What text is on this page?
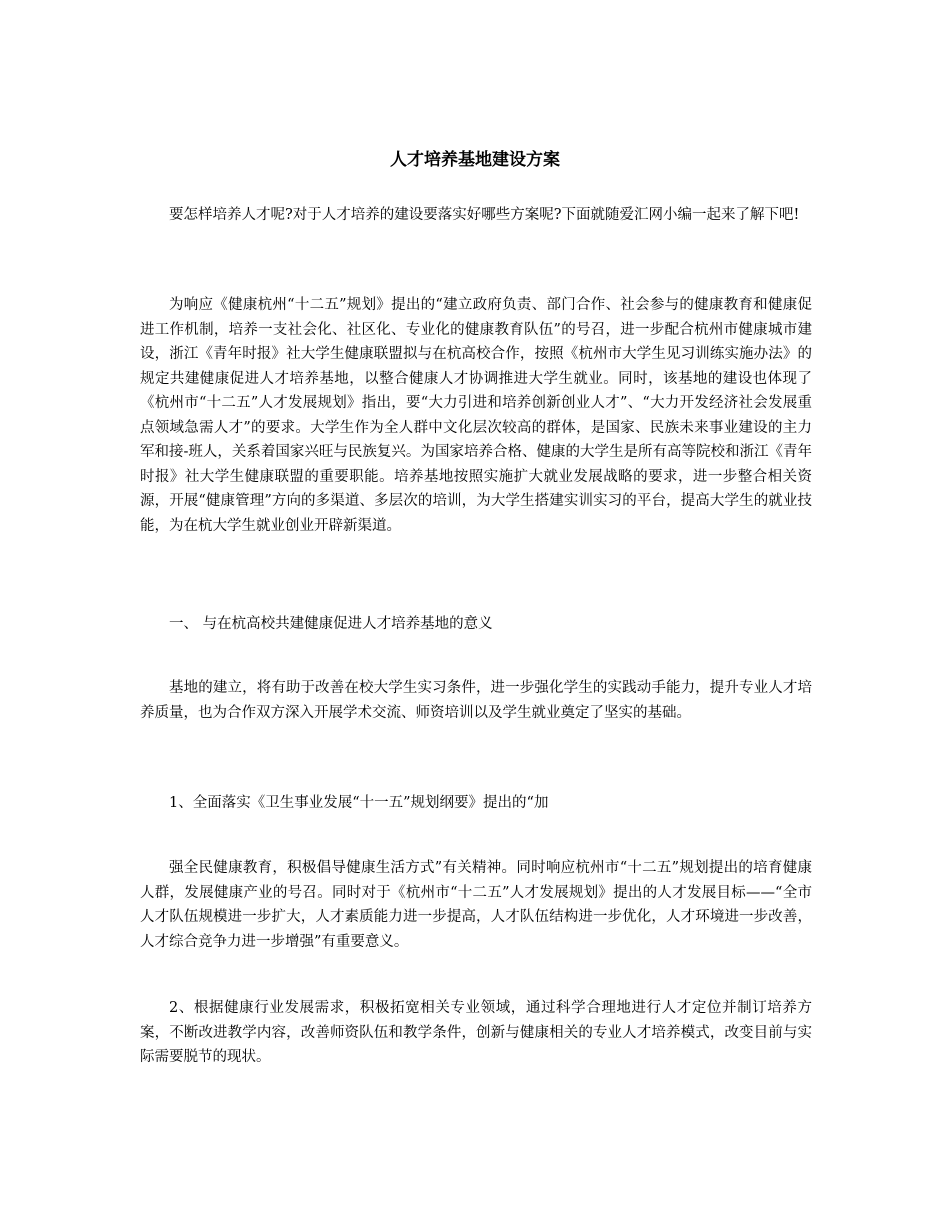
人才培养基地建设方案
要怎样培养人才呢?对于人才培养的建设要落实好哪些方案呢?下面就随爱汇网小编一起来了解下吧!
为响应《健康杭州“十二五”规划》提出的“建立政府负责、部门合作、社会参与的健康教育和健康促进工作机制，培养一支社会化、社区化、专业化的健康教育队伍”的号召，进一步配合杭州市健康城市建设，浙江《青年时报》社大学生健康联盟拟与在杭高校合作，按照《杭州市大学生见习训练实施办法》的规定共建健康促进人才培养基地，以整合健康人才协调推进大学生就业。同时，该基地的建设也体现了《杭州市“十二五”人才发展规划》指出，要“大力引进和培养创新创业人才”、“大力开发经济社会发展重点领域急需人才”的要求。大学生作为全人群中文化层次较高的群体，是国家、民族未来事业建设的主力军和接-班人，关系着国家兴旺与民族复兴。为国家培养合格、健康的大学生是所有高等院校和浙江《青年时报》社大学生健康联盟的重要职能。培养基地按照实施扩大就业发展战略的要求，进一步整合相关资源，开展“健康管理”方向的多渠道、多层次的培训，为大学生搭建实训实习的平台，提高大学生的就业技能，为在杭大学生就业创业开辟新渠道。
一、 与在杭高校共建健康促进人才培养基地的意义
基地的建立，将有助于改善在校大学生实习条件，进一步强化学生的实践动手能力，提升专业人才培养质量，也为合作双方深入开展学术交流、师资培训以及学生就业奠定了坚实的基础。
1、全面落实《卫生事业发展“十一五”规划纲要》提出的“加
强全民健康教育，积极倡导健康生活方式”有关精神。同时响应杭州市“十二五”规划提出的培育健康人群，发展健康产业的号召。同时对于《杭州市“十二五”人才发展规划》提出的人才发展目标——“全市人才队伍规模进一步扩大，人才素质能力进一步提高，人才队伍结构进一步优化，人才环境进一步改善，人才综合竞争力进一步增强”有重要意义。
2、根据健康行业发展需求，积极拓宽相关专业领域，通过科学合理地进行人才定位并制订培养方案，不断改进教学内容，改善师资队伍和教学条件，创新与健康相关的专业人才培养模式，改变目前与实际需要脱节的现状。
